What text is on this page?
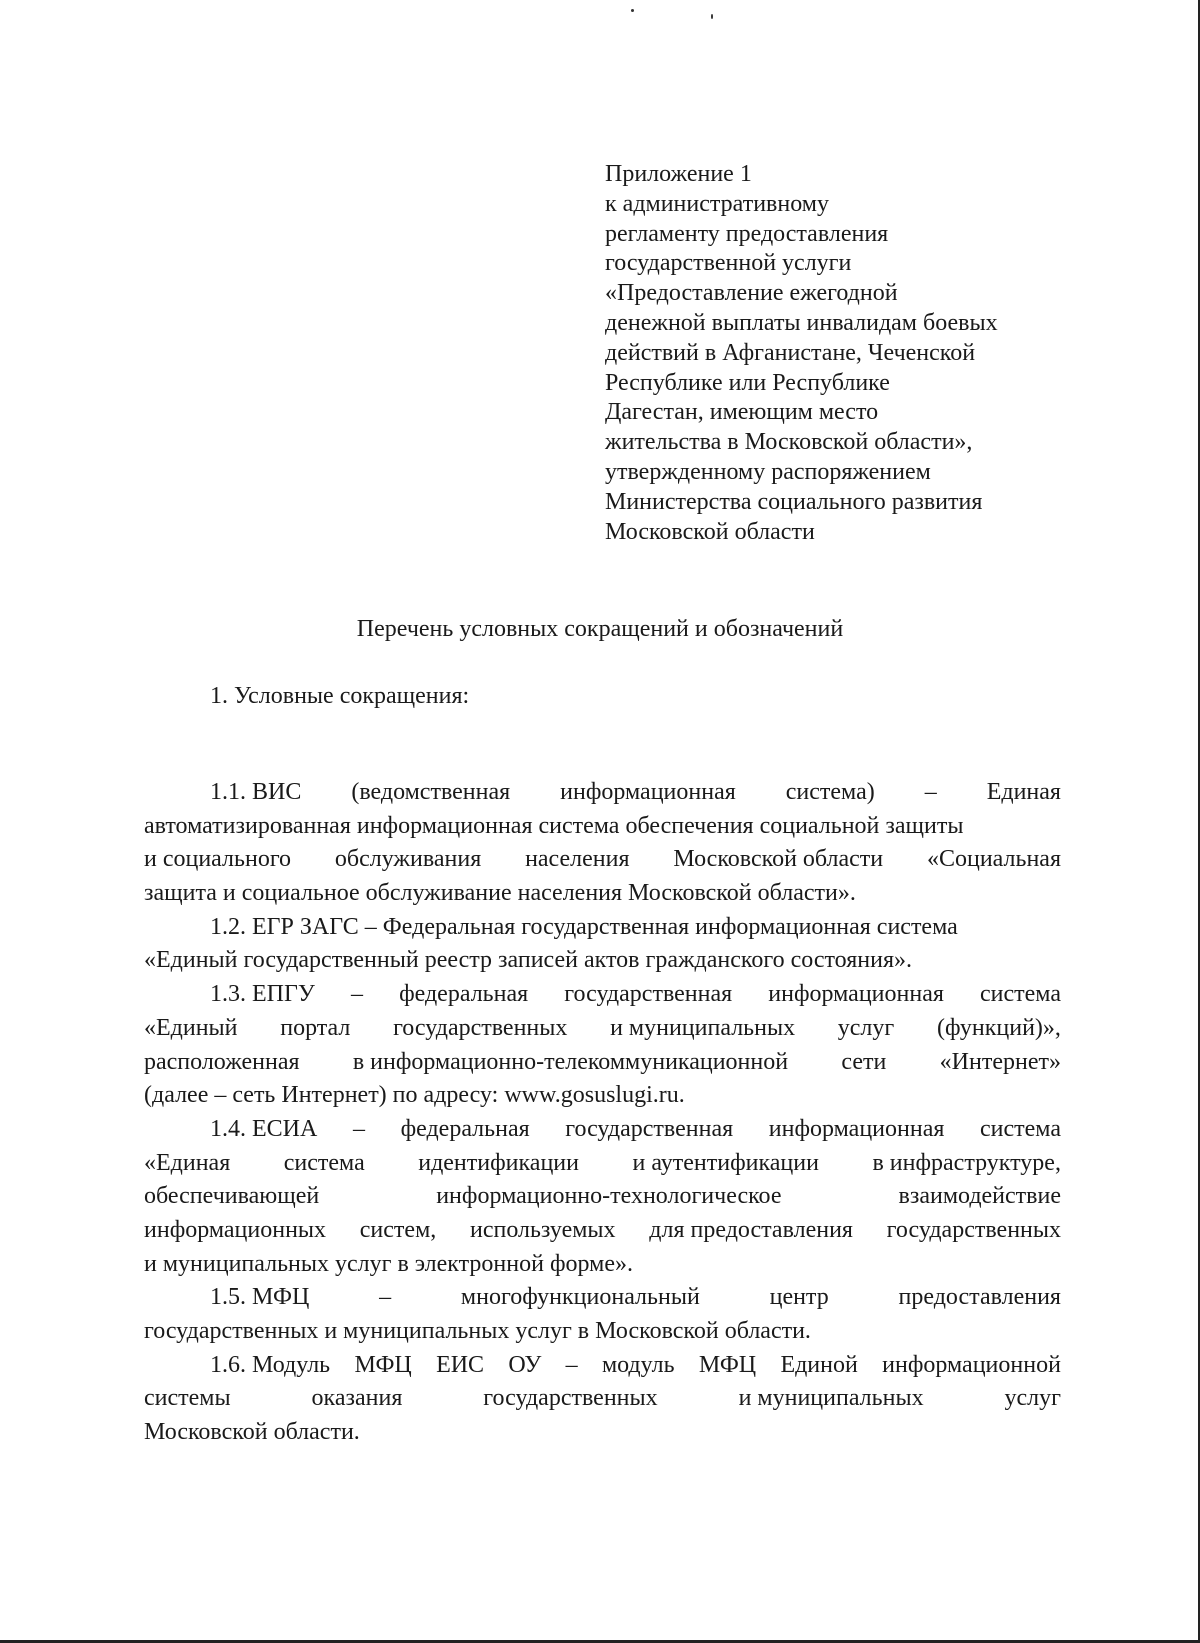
Приложение 1
к административному
регламенту предоставления
государственной услуги
«Предоставление ежегодной
денежной выплаты инвалидам боевых
действий в Афганистане, Чеченской
Республике или Республике
Дагестан, имеющим место
жительства в Московской области»,
утвержденному распоряжением
Министерства социального развития
Московской области
Перечень условных сокращений и обозначений
1. Условные сокращения:
1.1. ВИС (ведомственная информационная система) – Единая
автоматизированная информационная система обеспечения социальной защиты
и социального обслуживания населения Московской области «Социальная
защита и социальное обслуживание населения Московской области».
1.2. ЕГР ЗАГС – Федеральная государственная информационная система
«Единый государственный реестр записей актов гражданского состояния».
1.3. ЕПГУ – федеральная государственная информационная система
«Единый портал государственных и муниципальных услуг (функций)»,
расположенная в информационно-телекоммуникационной сети «Интернет»
(далее – сеть Интернет) по адресу: www.gosuslugi.ru.
1.4. ЕСИА – федеральная государственная информационная система
«Единая система идентификации и аутентификации в инфраструктуре,
обеспечивающей	информационно-технологическое	взаимодействие
информационных систем, используемых для предоставления государственных
и муниципальных услуг в электронной форме».
1.5. МФЦ	–	многофункциональный	центр	предоставления
государственных и муниципальных услуг в Московской области.
1.6. Модуль МФЦ ЕИС ОУ – модуль МФЦ Единой информационной
системы	оказания	государственных	и муниципальных	услуг
Московской области.
